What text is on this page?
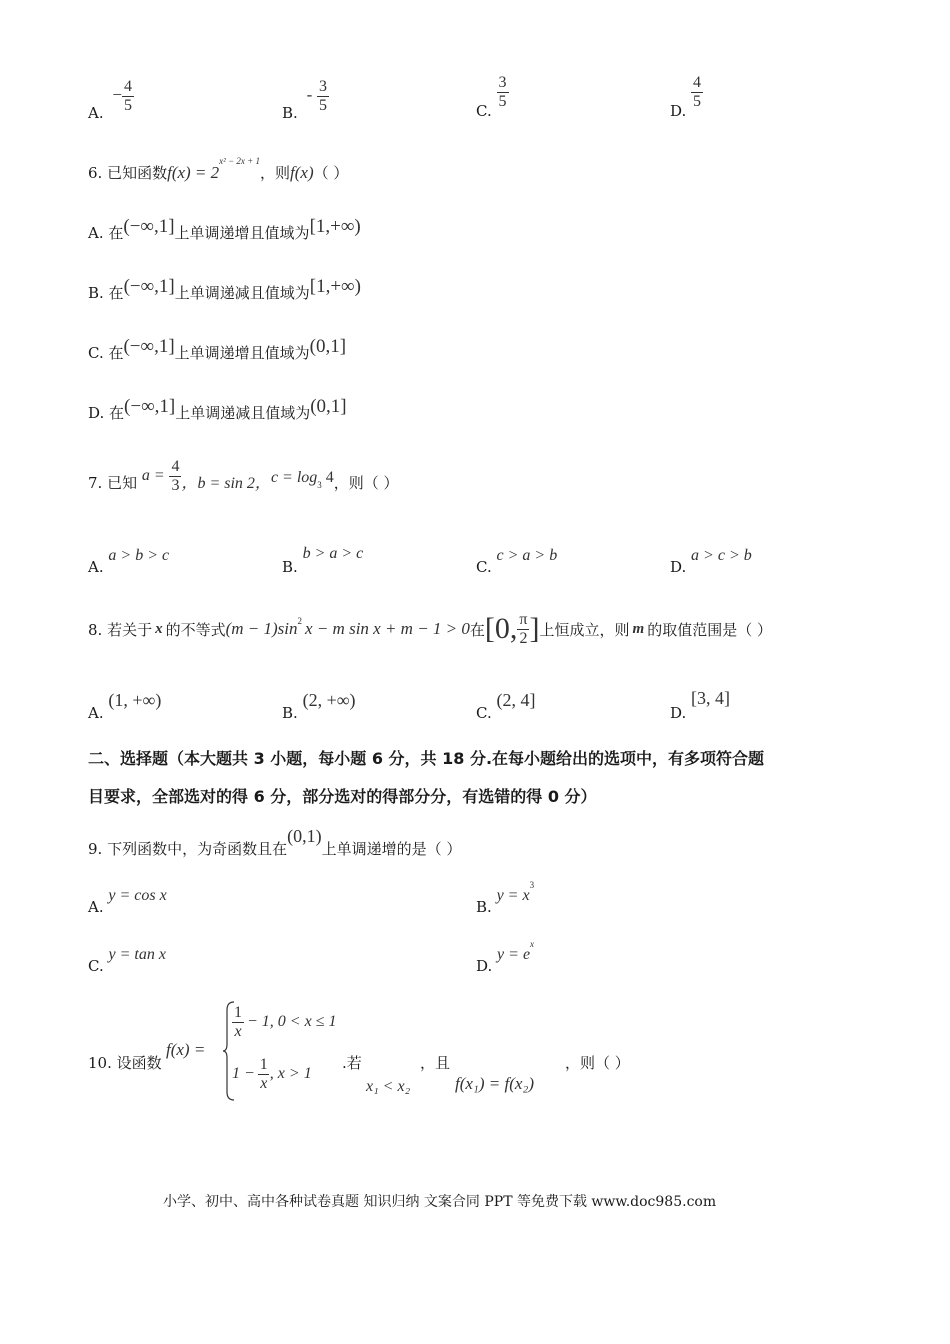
A. − $\frac{4}{5}$	B. - $\frac{3}{5}$	C.
$\frac{3}{5}$
D.
$\frac{4}{5}$
6. 已知函数$f(x) = 2^{x^2 - 2x + 1}$，则f(x)（ ）
A. 在(−∞,1]上单调递增且值域为[1,+∞)
B. 在(−∞,1]上单调递减且值域为[1,+∞)
C. 在(−∞,1]上单调递增且值域为(0,1]
D. 在(−∞,1]上单调递减且值域为(0,1]
7. 已知 $a = \frac{4}{3}$ ，b = sin 2，$c = \log_3 4$，则（ ）
A. a > b > c
B. b > a > c
C. c > a > b
D. a > c > b
8. 若关于 x 的不等式 $(m - 1)\sin^2$ x − m sin x + m − 1 > 0 在 [0, $\frac{\pi}{2}$ ] 上恒成立，则 m 的取值范围是（ ）
A. (1, +∞)
B. (2, +∞)
C. (2, 4]
D. [3, 4]
二、选择题（本大题共 3 小题，每小题 6 分，共 18 分.在每小题给出的选项中，有多项符合题
目要求，全部选对的得 6 分，部分选对的得部分分，有选错的得 0 分）
9. 下列函数中，为奇函数且在(0,1)上单调递增的是（ ）
A. y = cos x
B. $y = x^3$
C. y = tan x
D. $y = e^x$
10. 设函数
f(x) =
$\frac{1}{x} - 1$, 0 < x ≤ 1
$1 - \frac{1}{x}$ , x > 1
.若	，且	，则（ ）
x₁ < x₂	f(x₁) = f(x₂)
小学、初中、高中各种试卷真题 知识归纳 文案合同 PPT 等免费下载 www.doc985.com
